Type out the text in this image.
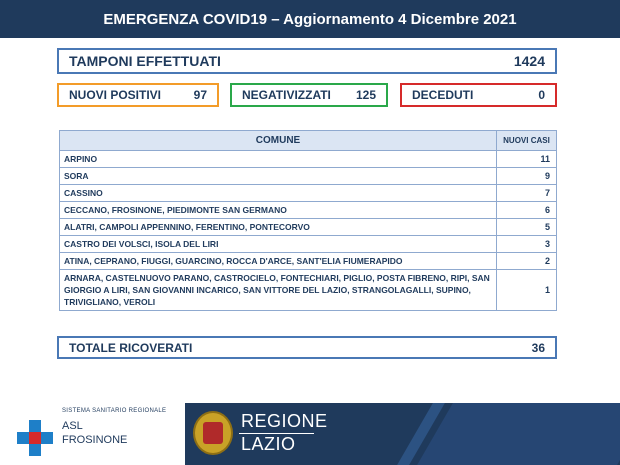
EMERGENZA COVID19 – Aggiornamento 4 Dicembre 2021
TAMPONI EFFETTUATI	1424
NUOVI POSITIVI	97	NEGATIVIZZATI 125	DECEDUTI	0
COMUNE	NUOVI CASI
ARPINO	11
SORA	9
CASSINO	7
CECCANO, FROSINONE, PIEDIMONTE SAN GERMANO	6
ALATRI, CAMPOLI APPENNINO, FERENTINO, PONTECORVO	5
CASTRO DEI VOLSCI, ISOLA DEL LIRI	3
ATINA, CEPRANO, FIUGGI, GUARCINO, ROCCA D'ARCE, SANT'ELIA FIUMERAPIDO	2
ARNARA, CASTELNUOVO PARANO, CASTROCIELO, FONTECHIARI, PIGLIO, POSTA FIBRENO, RIPI, SAN GIORGIO A LIRI, SAN GIOVANNI INCARICO, SAN VITTORE DEL LAZIO, STRANGOLAGALLI, SUPINO, TRIVIGLIANO, VEROLI	1
TOTALE RICOVERATI	36
SISTEMA SANITARIO REGIONALE
ASL
FROSINONE
REGIONE
LAZIO
